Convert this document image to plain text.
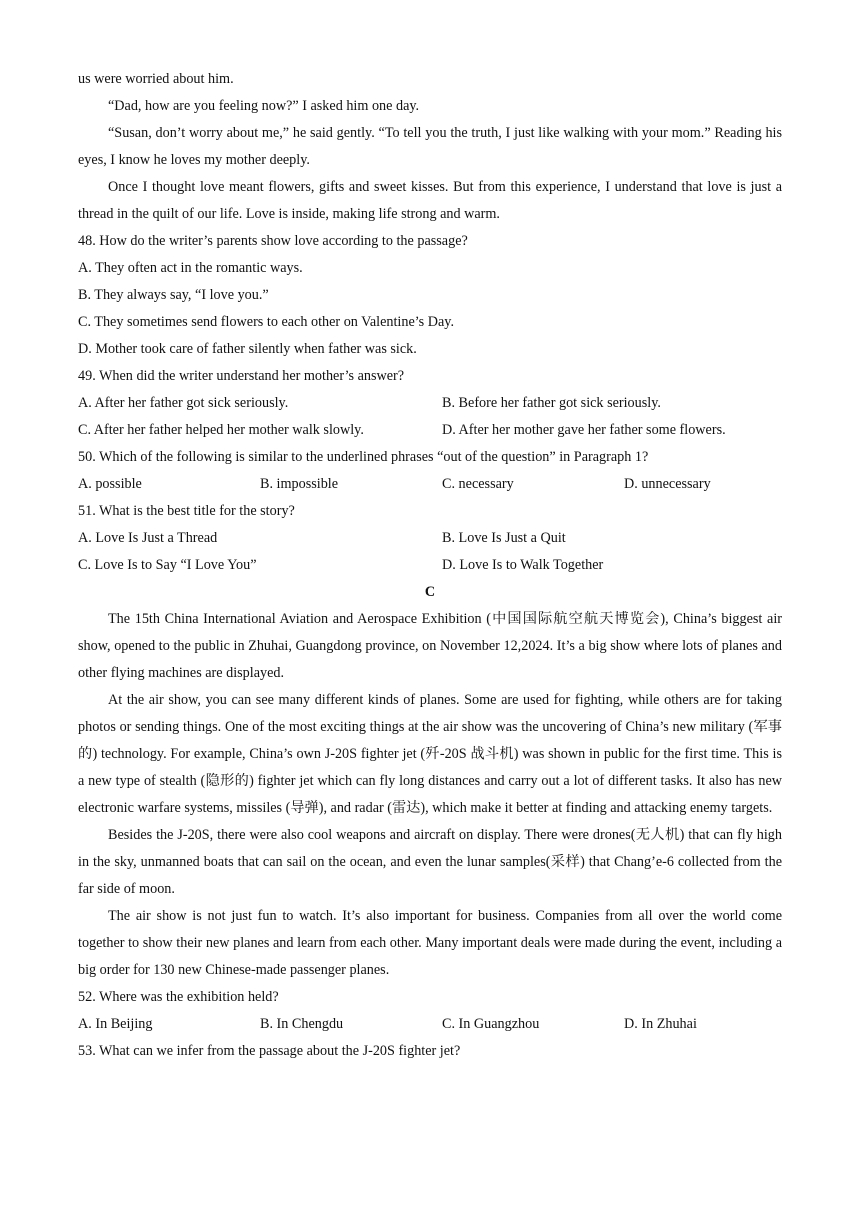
us were worried about him.

“Dad, how are you feeling now?” I asked him one day.

“Susan, don’t worry about me,” he said gently. “To tell you the truth, I just like walking with your mom.” Reading his eyes, I know he loves my mother deeply.

Once I thought love meant flowers, gifts and sweet kisses. But from this experience, I understand that love is just a thread in the quilt of our life. Love is inside, making life strong and warm.

48. How do the writer’s parents show love according to the passage?

A. They often act in the romantic ways.

B. They always say, “I love you.”

C. They sometimes send flowers to each other on Valentine’s Day.

D. Mother took care of father silently when father was sick.

49. When did the writer understand her mother’s answer?

A. After her father got sick seriously.	B. Before her father got sick seriously.
C. After her father helped her mother walk slowly.	D. After her mother gave her father some flowers.

50. Which of the following is similar to the underlined phrases “out of the question” in Paragraph 1?

A. possible	B. impossible	C. necessary	D. unnecessary

51. What is the best title for the story?

A. Love Is Just a Thread	B. Love Is Just a Quit
C. Love Is to Say “I Love You”	D. Love Is to Walk Together

C

The 15th China International Aviation and Aerospace Exhibition (中国国际航空航天博览会), China’s biggest air show, opened to the public in Zhuhai, Guangdong province, on November 12,2024. It’s a big show where lots of planes and other flying machines are displayed.

At the air show, you can see many different kinds of planes. Some are used for fighting, while others are for taking photos or sending things. One of the most exciting things at the air show was the uncovering of China’s new military (军事的) technology. For example, China’s own J-20S fighter jet (歼-20S 战斗机) was shown in public for the first time. This is a new type of stealth (隐形的) fighter jet which can fly long distances and carry out a lot of different tasks. It also has new electronic warfare systems, missiles (导弹), and radar (雷达), which make it better at finding and attacking enemy targets.

Besides the J-20S, there were also cool weapons and aircraft on display. There were drones(无人机) that can fly high in the sky, unmanned boats that can sail on the ocean, and even the lunar samples(采样) that Chang’e-6 collected from the far side of moon.

The air show is not just fun to watch. It’s also important for business. Companies from all over the world come together to show their new planes and learn from each other. Many important deals were made during the event, including a big order for 130 new Chinese-made passenger planes.

52. Where was the exhibition held?

A. In Beijing	B. In Chengdu	C. In Guangzhou	D. In Zhuhai

53. What can we infer from the passage about the J-20S fighter jet?
